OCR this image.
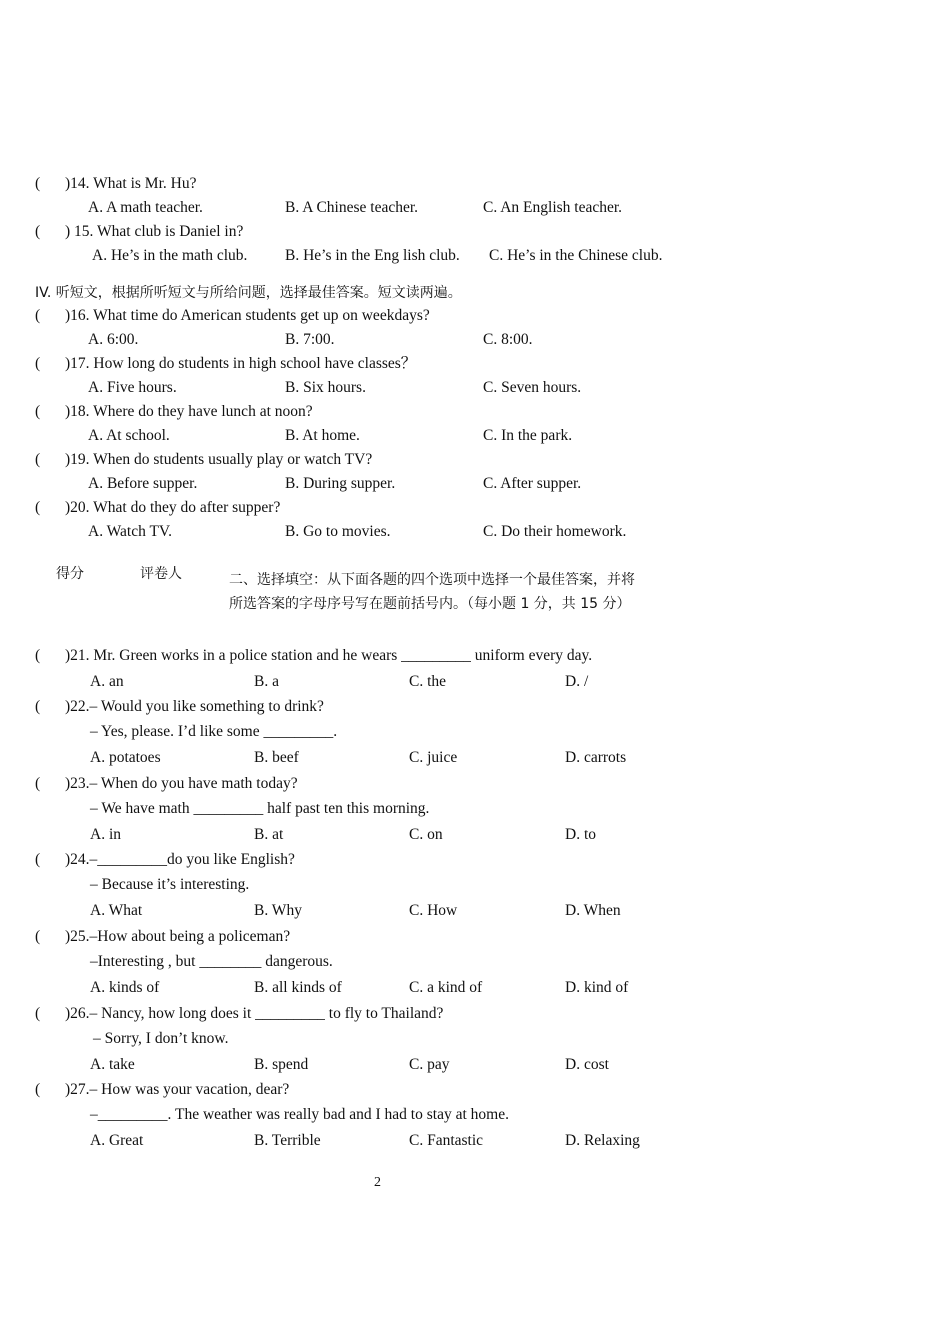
( )14. What is Mr. Hu?
A. A math teacher.	B. A Chinese teacher.	C. An English teacher.
( ) 15. What club is Daniel in?
A. He’s in the math club. B. He’s in the Eng lish club. C. He’s in the Chinese club.
IV. 听短文，根据所听短文与所给问题，选择最佳答案。短文读两遍。
( )16. What time do American students get up on weekdays?
A. 6:00.	B. 7:00.	C. 8:00.
( )17. How long do students in high school have classes？
A. Five hours.	B. Six hours.	C. Seven hours.
( )18. Where do they have lunch at noon?
A. At school.	B. At home.	C. In the park.
( )19. When do students usually play or watch TV?
A. Before supper.	B. During supper.	C. After supper.
( )20. What do they do after supper?
A. Watch TV.	B. Go to movies.	C. Do their homework.
得分	评卷人	二、选择填空：从下面各题的四个选项中选择一个最佳答案，并将
所选答案的字母序号写在题前括号内。（每小题 1 分，共 15 分）
( )21. Mr. Green works in a police station and he wears _________ uniform every day.
A. an	B. a	C. the	D. /
( )22.– Would you like something to drink?
– Yes, please. I’d like some _________.
A. potatoes	B. beef	C. juice	D. carrots
( )23.– When do you have math today?
– We have math _________ half past ten this morning.
A. in	B. at	C. on	D. to
( )24.–_________do you like English?
– Because it’s interesting.
A. What	B. Why	C. How	D. When
( )25.–How about being a policeman?
–Interesting , but ________ dangerous.
A. kinds of	B. all kinds of	C. a kind of	D. kind of
( )26.– Nancy, how long does it _________ to fly to Thailand?
– Sorry, I don’t know.
A. take	B. spend	C. pay	D. cost
( )27.– How was your vacation, dear?
–_________. The weather was really bad and I had to stay at home.
A. Great	B. Terrible	C. Fantastic	D. Relaxing
2
